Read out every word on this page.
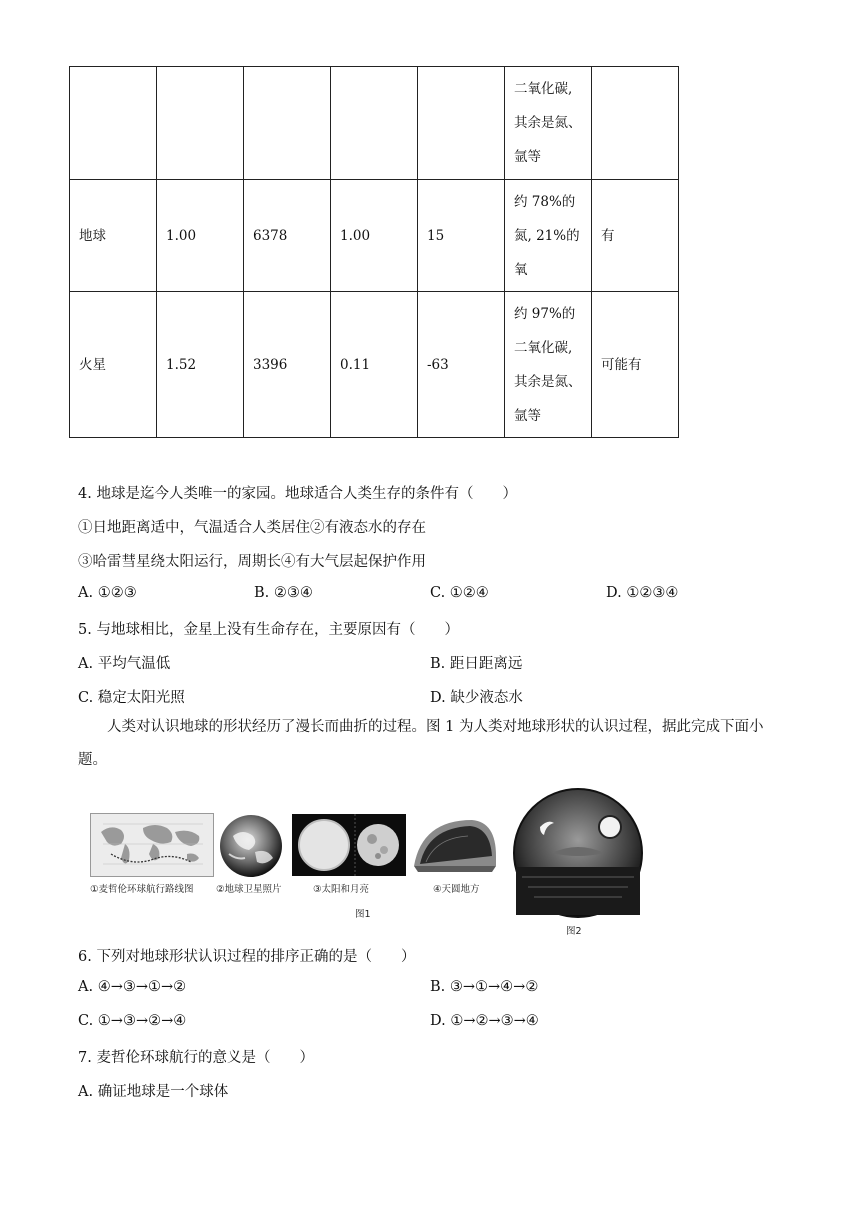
					二氧化碳,
其余是氮、
氩等	

地球	1.00	6378	1.00	15	约 78%的
氮, 21%的
氧	有
火星	1.52	3396	0.11	-63	约 97%的
二氧化碳,
其余是氮、
氩等	可能有
4. 地球是迄今人类唯一的家园。地球适合人类生存的条件有（　　）
①日地距离适中，气温适合人类居住②有液态水的存在
③哈雷彗星绕太阳运行，周期长④有大气层起保护作用
A. ①②③	B. ②③④	C. ①②④	D. ①②③④
5. 与地球相比，金星上没有生命存在，主要原因有（　　）
A. 平均气温低	B. 距日距离远
C. 稳定太阳光照	D. 缺少液态水
人类对认识地球的形状经历了漫长而曲折的过程。图 1 为人类对地球形状的认识过程，据此完成下面小题。
①麦哲伦环球航行路线图 ②地球卫星照片	③太阳和月亮	④天圆地方
图1
图2
6. 下列对地球形状认识过程的排序正确的是（　　）
A. ④→③→①→②	B. ③→①→④→②
C. ①→③→②→④	D. ①→②→③→④
7. 麦哲伦环球航行的意义是（　　）
A. 确证地球是一个球体
